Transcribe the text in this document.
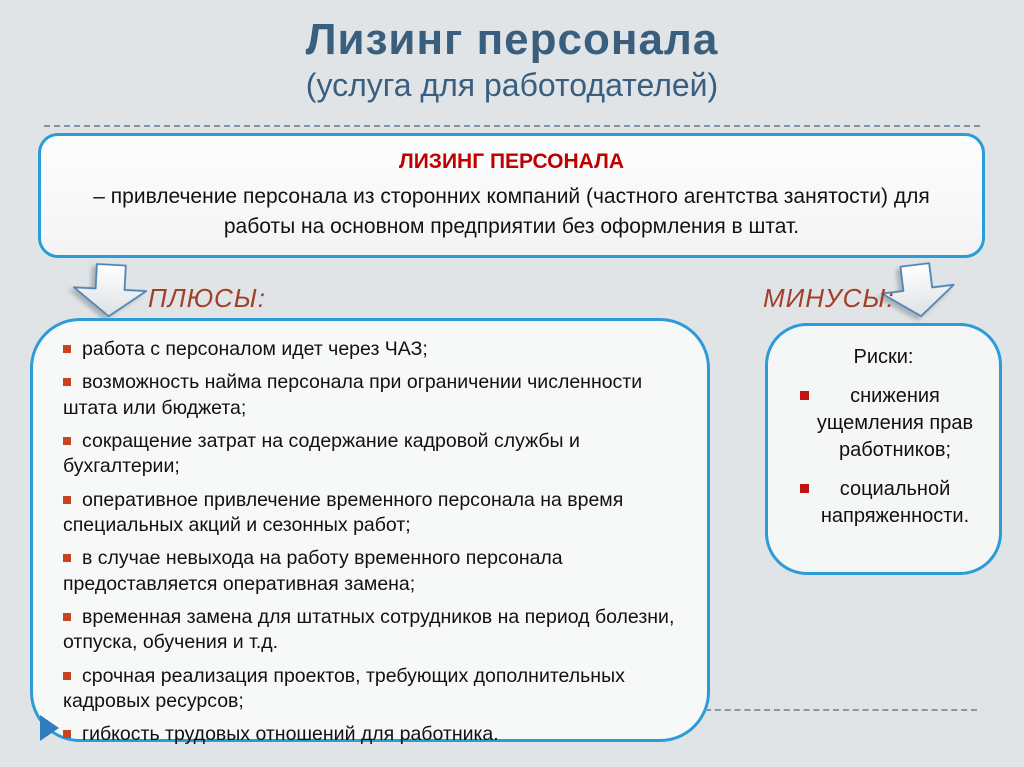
Лизинг персонала
(услуга для работодателей)
ЛИЗИНГ ПЕРСОНАЛА
– привлечение персонала из сторонних компаний (частного агентства занятости) для работы на основном предприятии без оформления в штат.
ПЛЮСЫ:	МИНУСЫ:
работа с персоналом идет через ЧАЗ;
возможность найма персонала при ограничении численности штата или бюджета;
сокращение затрат на содержание кадровой службы и бухгалтерии;
оперативное привлечение временного персонала на время специальных акций и сезонных работ;
в случае невыхода на работу временного персонала предоставляется оперативная замена;
временная замена для штатных сотрудников на период болезни, отпуска, обучения и т.д.
срочная реализация проектов, требующих дополнительных кадровых ресурсов;
гибкость трудовых отношений для работника.
Риски:
снижения ущемления прав работников;
социальной напряженности.
